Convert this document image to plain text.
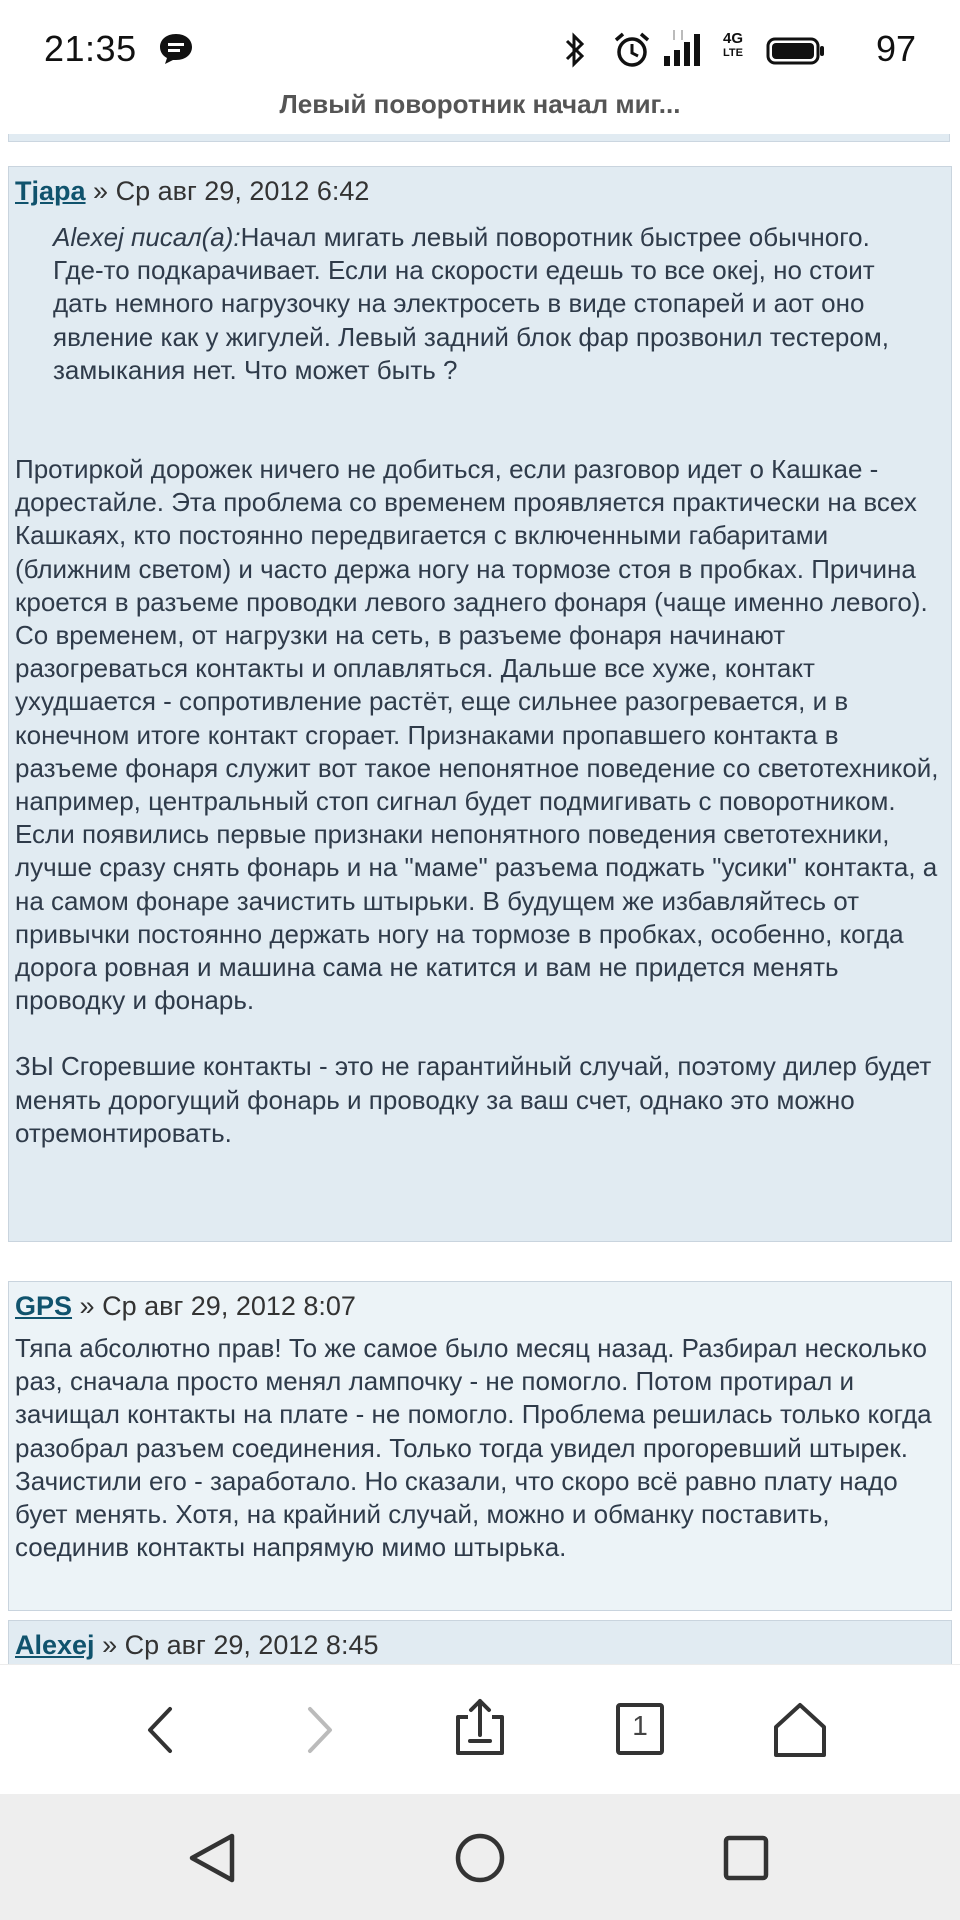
21:35	4G
LTE	97
Левый поворотник начал миг...
Tjapa » Ср авг 29, 2012 6:42
Alexej писал(а):Начал мигать левый поворотник быстрее обычного. Где-то подкарачивает. Если на скорости едешь то все океj, но стоит дать немного нагрузочку на электросеть в виде стопарей и аот оно явление как у жигулей. Левый задний блок фар прозвонил тестером, замыкания нет. Что может быть ?

Протиркой дорожек ничего не добиться, если разговор идет о Кашкае - дорестайле. Эта проблема со временем проявляется практически на всех Кашкаях, кто постоянно передвигается с включенными габаритами (ближним светом) и часто держа ногу на тормозе стоя в пробках. Причина кроется в разъеме проводки левого заднего фонаря (чаще именно левого). Со временем, от нагрузки на сеть, в разъеме фонаря начинают разогреваться контакты и оплавляться. Дальше все хуже, контакт ухудшается - сопротивление растёт, еще сильнее разогревается, и в конечном итоге контакт сгорает. Признаками пропавшего контакта в разъеме фонаря служит вот такое непонятное поведение со светотехникой, например, центральный стоп сигнал будет подмигивать с поворотником.

Если появились первые признаки непонятного поведения светотехники, лучше сразу снять фонарь и на "маме" разъема поджать "усики" контакта, а на самом фонаре зачистить штырьки. В будущем же избавляйтесь от привычки постоянно держать ногу на тормозе в пробках, особенно, когда дорога ровная и машина сама не катится и вам не придется менять проводку и фонарь.

ЗЫ Сгоревшие контакты - это не гарантийный случай, поэтому дилер будет менять дорогущий фонарь и проводку за ваш счет, однако это можно отремонтировать.

GPS » Ср авг 29, 2012 8:07

Тяпа абсолютно прав! То же самое было месяц назад. Разбирал несколько раз, сначала просто менял лампочку - не помогло. Потом протирал и зачищал контакты на плате - не помогло. Проблема решилась только когда разобрал разъем соединения. Только тогда увидел прогоревший штырек. Зачистили его - заработало. Но сказали, что скоро всё равно плату надо бует менять. Хотя, на крайний случай, можно и обманку поставить, соединив контакты напрямую мимо штырька.

Alexej » Ср авг 29, 2012 8:45
1
